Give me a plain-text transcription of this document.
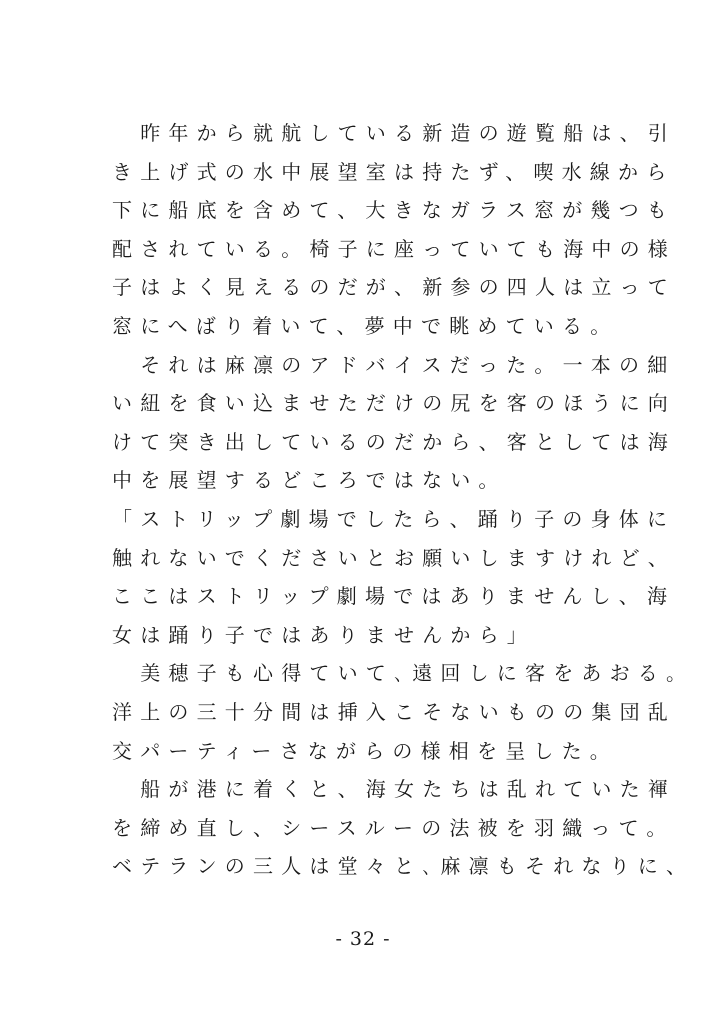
　昨年から就航している新造の遊覧船は、引
き上げ式の水中展望室は持たず、喫水線から
下に船底を含めて、大きなガラス窓が幾つも
配されている。椅子に座っていても海中の様
子はよく見えるのだが、新参の四人は立って
窓にへばり着いて、夢中で眺めている。
　それは麻凛のアドバイスだった。一本の細
い紐を食い込ませただけの尻を客のほうに向
けて突き出しているのだから、客としては海
中を展望するどころではない。
「ストリップ劇場でしたら、踊り子の身体に
触れないでくださいとお願いしますけれど、
ここはストリップ劇場ではありませんし、海
女は踊り子ではありませんから」
　美穂子も心得ていて､遠回しに客をあおる。
洋上の三十分間は挿入こそないものの集団乱
交パーティーさながらの様相を呈した。
　船が港に着くと、海女たちは乱れていた褌
を締め直し、シースルーの法被を羽織って。
ベテランの三人は堂々と､麻凛もそれなりに、
- 32 -
